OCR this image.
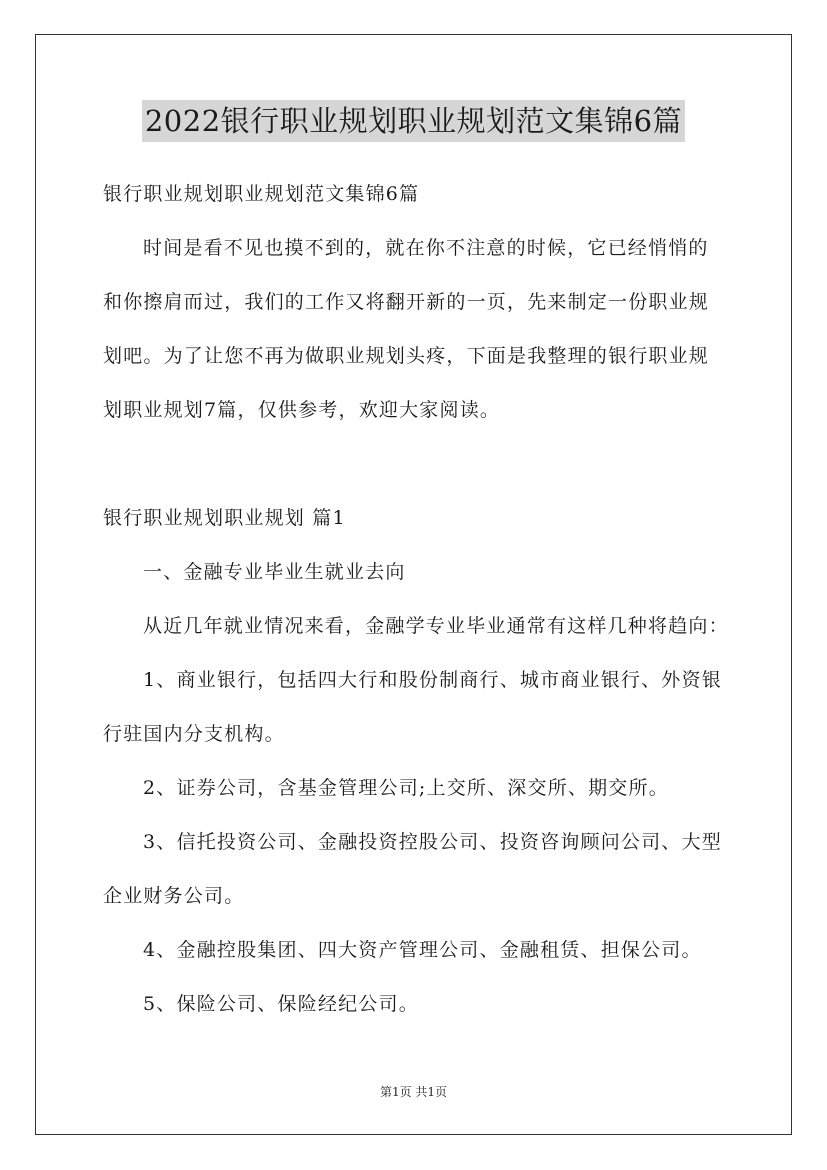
2022银行职业规划职业规划范文集锦6篇

银行职业规划职业规划范文集锦6篇

时间是看不见也摸不到的，就在你不注意的时候，它已经悄悄的

和你擦肩而过，我们的工作又将翻开新的一页，先来制定一份职业规

划吧。为了让您不再为做职业规划头疼，下面是我整理的银行职业规

划职业规划7篇，仅供参考，欢迎大家阅读。

银行职业规划职业规划 篇1

一、金融专业毕业生就业去向

从近几年就业情况来看，金融学专业毕业通常有这样几种将趋向：

1、商业银行，包括四大行和股份制商行、城市商业银行、外资银

行驻国内分支机构。

2、证券公司，含基金管理公司;上交所、深交所、期交所。

3、信托投资公司、金融投资控股公司、投资咨询顾问公司、大型

企业财务公司。

4、金融控股集团、四大资产管理公司、金融租赁、担保公司。

5、保险公司、保险经纪公司。

第1页 共1页
